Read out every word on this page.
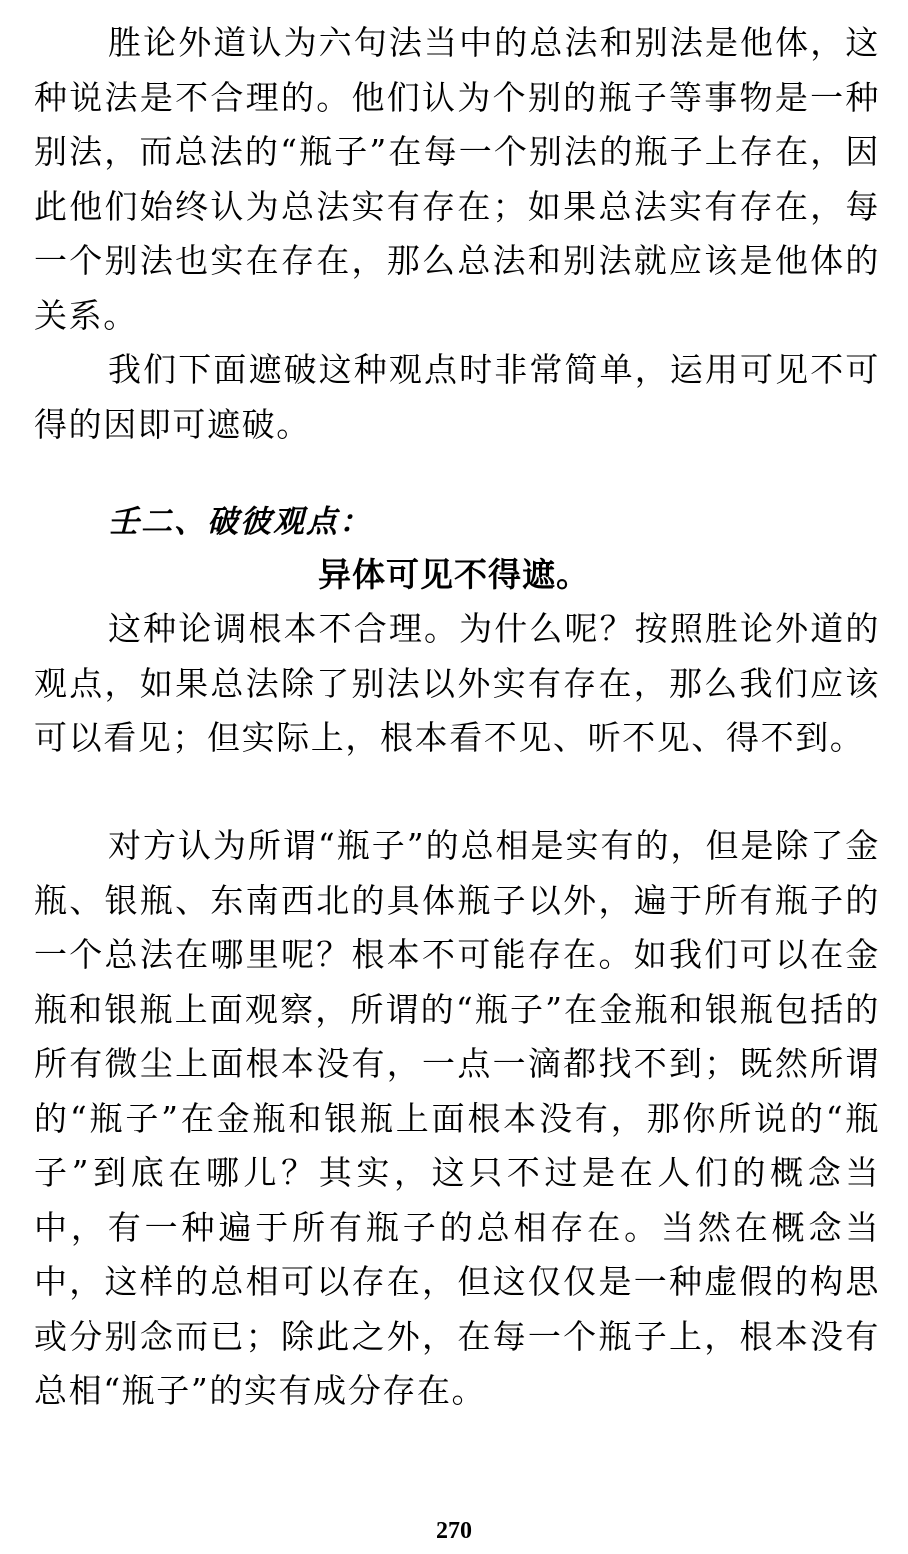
胜论外道认为六句法当中的总法和别法是他体，这种说法是不合理的。他们认为个别的瓶子等事物是一种别法，而总法的“瓶子”在每一个别法的瓶子上存在，因此他们始终认为总法实有存在；如果总法实有存在，每一个别法也实在存在，那么总法和别法就应该是他体的关系。

我们下面遮破这种观点时非常简单，运用可见不可得的因即可遮破。

壬二、破彼观点：

异体可见不得遮。

这种论调根本不合理。为什么呢？按照胜论外道的观点，如果总法除了别法以外实有存在，那么我们应该可以看见；但实际上，根本看不见、听不见、得不到。

对方认为所谓“瓶子”的总相是实有的，但是除了金瓶、银瓶、东南西北的具体瓶子以外，遍于所有瓶子的一个总法在哪里呢？根本不可能存在。如我们可以在金瓶和银瓶上面观察，所谓的“瓶子”在金瓶和银瓶包括的所有微尘上面根本没有，一点一滴都找不到；既然所谓的“瓶子”在金瓶和银瓶上面根本没有，那你所说的“瓶子”到底在哪儿？其实，这只不过是在人们的概念当中，有一种遍于所有瓶子的总相存在。当然在概念当中，这样的总相可以存在，但这仅仅是一种虚假的构思或分别念而已；除此之外，在每一个瓶子上，根本没有总相“瓶子”的实有成分存在。

270
